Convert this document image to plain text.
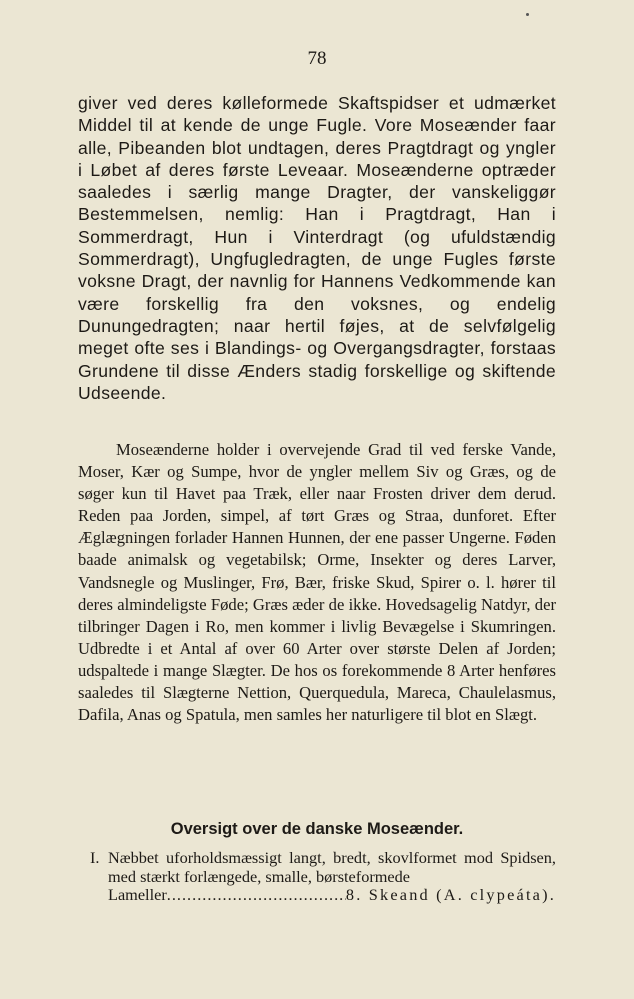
78

giver ved deres kølleformede Skaftspidser et udmærket Middel til at kende de unge Fugle. Vore Moseænder faar alle, Pibeanden blot undtagen, deres Pragtdragt og yngler i Løbet af deres første Leveaar. Moseænderne optræder saaledes i særlig mange Dragter, der vanskeliggør Bestemmelsen, nemlig: Han i Pragtdragt, Han i Sommerdragt, Hun i Vinterdragt (og ufuldstændig Sommerdragt), Ungfugledragten, de unge Fugles første voksne Dragt, der navnlig for Hannens Vedkommende kan være forskellig fra den voksnes, og endelig Dunungedragten; naar hertil føjes, at de selvfølgelig meget ofte ses i Blandings- og Overgangsdragter, forstaas Grundene til disse Ænders stadig forskellige og skiftende Udseende.

Moseænderne holder i overvejende Grad til ved ferske Vande, Moser, Kær og Sumpe, hvor de yngler mellem Siv og Græs, og de søger kun til Havet paa Træk, eller naar Frosten driver dem derud. Reden paa Jorden, simpel, af tørt Græs og Straa, dunforet. Efter Æglægningen forlader Hannen Hunnen, der ene passer Ungerne. Føden baade animalsk og vegetabilsk; Orme, Insekter og deres Larver, Vandsnegle og Muslinger, Frø, Bær, friske Skud, Spirer o. l. hører til deres almindeligste Føde; Græs æder de ikke. Hovedsagelig Natdyr, der tilbringer Dagen i Ro, men kommer i livlig Bevægelse i Skumringen. Udbredte i et Antal af over 60 Arter over største Delen af Jorden; udspaltede i mange Slægter. De hos os forekommende 8 Arter henføres saaledes til Slægterne Nettion, Querquedula, Mareca, Chaulelasmus, Dafila, Anas og Spatula, men samles her naturligere til blot en Slægt.

Oversigt over de danske Moseænder.
I. Næbbet uforholdsmæssigt langt, bredt, skovlformet mod Spidsen, med stærkt forlængede, smalle, børsteformede
Lameller
.....	8. Skeand (A. clypeáta).
